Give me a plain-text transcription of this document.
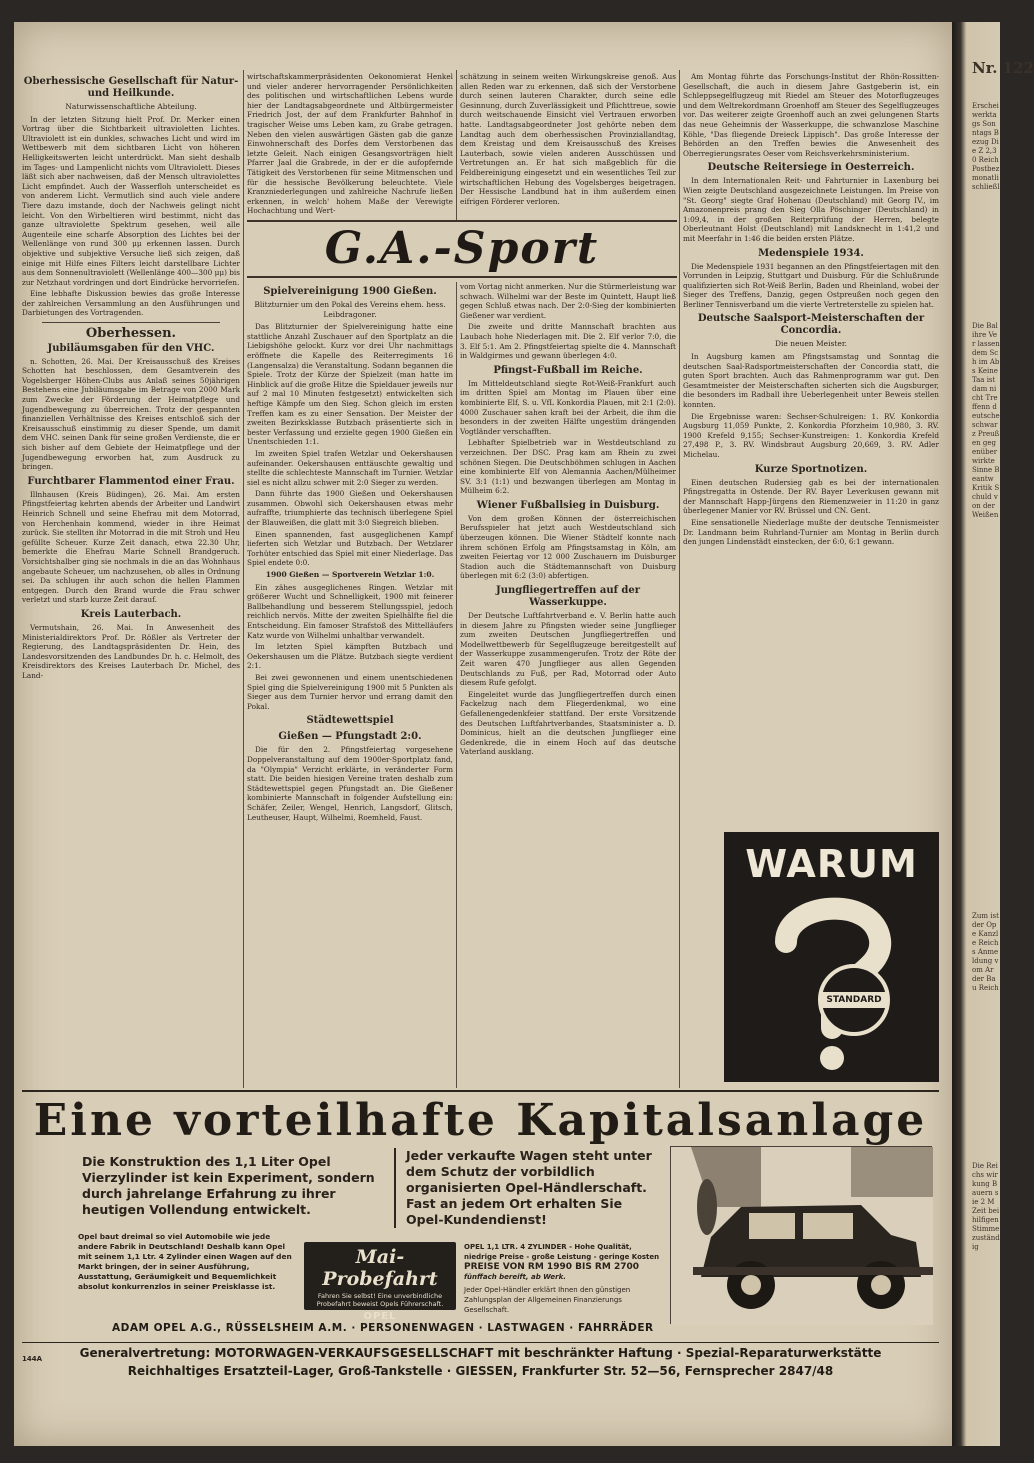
Nr. 122
Erschei werktags Sonntags Bezug Die Z 2,30 Reich Postbez monatli schließl
Die Bal ihre Ver lassen dem Sch im Abs Keine Taa ist dam nicht Treffenn deutsche schwarz Preußen gegenüber wirkte Sinne Beantw Kritik Schuld von der Weißen
Zum ist der Ope Kanzle Reichs Anmeldung vom Ar der Bau Reich
Die Reichs wirkung Bauern sie 2 M Zeit bei hilfigen Stimme zuständig
Oberhessische Gesellschaft für Natur- und Heilkunde.
Naturwissenschaftliche Abteilung.

In der letzten Sitzung hielt Prof. Dr. Merker einen Vortrag über die Sichtbarkeit ultravioletten Lichtes. Ultraviolett ist ein dunkles, schwaches Licht und wird im Wettbewerb mit dem sichtbaren Licht von höheren Helligkeitswerten leicht unterdrückt. Man sieht deshalb im Tages- und Lampenlicht nichts vom Ultraviolett. Dieses läßt sich aber nachweisen, daß der Mensch ultraviolettes Licht empfindet. Auch der Wasserfloh unterscheidet es von anderem Licht. Vermutlich sind auch viele andere Tiere dazu imstande, doch der Nachweis gelingt nicht leicht. Von den Wirbeltieren wird bestimmt, nicht das ganze ultraviolette Spektrum gesehen, weil alle Augenteile eine scharfe Absorption des Lichtes bei der Wellenlänge von rund 300 μμ erkennen lassen. Durch objektive und subjektive Versuche ließ sich zeigen, daß einige mit Hilfe eines Filters leicht darstellbare Lichter aus dem Sonnenultraviolett (Wellenlänge 400—300 μμ) bis zur Netzhaut vordringen und dort Eindrücke hervorriefen.

Eine lebhafte Diskussion bewies das große Interesse der zahlreichen Versammlung an den Ausführungen und Darbietungen des Vortragenden.

Oberhessen.
Jubiläumsgaben für den VHC.

n. Schotten, 26. Mai. Der Kreisausschuß des Kreises Schotten hat beschlossen, dem Gesamtverein des Vogelsberger Höhen-Clubs aus Anlaß seines 50jährigen Bestehens eine Jubiläumsgabe im Betrage von 2000 Mark zum Zwecke der Förderung der Heimatpflege und Jugendbewegung zu überreichen. Trotz der gespannten finanziellen Verhältnisse des Kreises entschloß sich der Kreisausschuß einstimmig zu dieser Spende, um damit dem VHC. seinen Dank für seine großen Verdienste, die er sich bisher auf dem Gebiete der Heimatpflege und der Jugendbewegung erworben hat, zum Ausdruck zu bringen.

Furchtbarer Flammentod einer Frau.

Illnhausen (Kreis Büdingen), 26. Mai. Am ersten Pfingstfeiertag kehrten abends der Arbeiter und Landwirt Heinrich Schnell und seine Ehefrau mit dem Motorrad, von Herchenhain kommend, wieder in ihre Heimat zurück. Sie stellten ihr Motorrad in die mit Stroh und Heu gefüllte Scheuer. Kurze Zeit danach, etwa 22.30 Uhr, bemerkte die Ehefrau Marie Schnell Brandgeruch. Vorsichtshalber ging sie nochmals in die an das Wohnhaus angebaute Scheuer, um nachzusehen, ob alles in Ordnung sei. Da schlugen ihr auch schon die hellen Flammen entgegen. Durch den Brand wurde die Frau schwer verletzt und starb kurze Zeit darauf.

Kreis Lauterbach.

Vermutshain, 26. Mai. In Anwesenheit des Ministerialdirektors Prof. Dr. Rößler als Vertreter der Regierung, des Landtagspräsidenten Dr. Hein, des Landesvorsitzenden des Landbundes Dr. h. c. Helmolt, des Kreisdirektors des Kreises Lauterbach Dr. Michel, des Land-

wirtschaftskammerpräsidenten Oekonomierat Henkel und vieler anderer hervorragender Persönlichkeiten des politischen und wirtschaftlichen Lebens wurde hier der Landtagsabgeordnete und Altbürgermeister Friedrich Jost, der auf dem Frankfurter Bahnhof in tragischer Weise ums Leben kam, zu Grabe getragen. Neben den vielen auswärtigen Gästen gab die ganze Einwohnerschaft des Dorfes dem Verstorbenen das letzte Geleit. Nach einigen Gesangsvorträgen hielt Pfarrer Jaal die Grabrede, in der er die aufopfernde Tätigkeit des Verstorbenen für seine Mitmenschen und für die hessische Bevölkerung beleuchtete. Viele Kranzniederlegungen und zahlreiche Nachrufe ließen erkennen, in welch' hohem Maße der Verewigte Hochachtung und Wert-

schätzung in seinem weiten Wirkungskreise genoß. Aus allen Reden war zu erkennen, daß sich der Verstorbene durch seinen lauteren Charakter, durch seine edle Gesinnung, durch Zuverlässigkeit und Pflichttreue, sowie durch weitschauende Einsicht viel Vertrauen erworben hatte. Landtagsabgeordneter Jost gehörte neben dem Landtag auch dem oberhessischen Provinziallandtag, dem Kreistag und dem Kreisausschuß des Kreises Lauterbach, sowie vielen anderen Ausschüssen und Vertretungen an. Er hat sich maßgeblich für die Feldbereinigung eingesetzt und ein wesentliches Teil zur wirtschaftlichen Hebung des Vogelsberges beigetragen. Der Hessische Landbund hat in ihm außerdem einen eifrigen Förderer verloren.

G.A.-Sport
Spielvereinigung 1900 Gießen.
Blitzturnier um den Pokal des Vereins ehem. hess. Leibdragoner.

Das Blitzturnier der Spielvereinigung hatte eine stattliche Anzahl Zuschauer auf den Sportplatz an die Liebigshöhe gelockt. Kurz vor drei Uhr nachmittags eröffnete die Kapelle des Reiterregiments 16 (Langensalza) die Veranstaltung. Sodann begannen die Spiele. Trotz der Kürze der Spielzeit (man hatte im Hinblick auf die große Hitze die Spieldauer jeweils nur auf 2 mal 10 Minuten festgesetzt) entwickelten sich heftige Kämpfe um den Sieg. Schon gleich im ersten Treffen kam es zu einer Sensation. Der Meister der zweiten Bezirksklasse Butzbach präsentierte sich in bester Verfassung und erzielte gegen 1900 Gießen ein Unentschieden 1:1.

Im zweiten Spiel trafen Wetzlar und Oekershausen aufeinander. Oekershausen enttäuschte gewaltig und stellte die schlechteste Mannschaft im Turnier. Wetzlar siel es nicht allzu schwer mit 2:0 Sieger zu werden.

Dann führte das 1900 Gießen und Oekershausen zusammen. Obwohl sich Oekershausen etwas mehr aufraffte, triumphierte das technisch überlegene Spiel der Blauweißen, die glatt mit 3:0 Siegreich blieben.

Einen spannenden, fast ausgeglichenen Kampf lieferten sich Wetzlar und Butzbach. Der Wetzlarer Torhüter entschied das Spiel mit einer Niederlage. Das Spiel endete 0:0.

1900 Gießen — Sportverein Wetzlar 1:0.

Ein zähes ausgeglichenes Ringen. Wetzlar mit größerer Wucht und Schnelligkeit, 1900 mit feinerer Ballbehandlung und besserem Stellungsspiel, jedoch reichlich nervös. Mitte der zweiten Spielhälfte fiel die Entscheidung. Ein famoser Strafstoß des Mittelläufers Katz wurde von Wilhelmi unhaltbar verwandelt.

Im letzten Spiel kämpften Butzbach und Oekershausen um die Plätze. Butzbach siegte verdient 2:1.

Bei zwei gewonnenen und einem unentschiedenen Spiel ging die Spielvereinigung 1900 mit 5 Punkten als Sieger aus dem Turnier hervor und errang damit den Pokal.

Städtewettspiel
Gießen — Pfungstadt 2:0.

Die für den 2. Pfingstfeiertag vorgesehene Doppelveranstaltung auf dem 1900er-Sportplatz fand, da "Olympia" Verzicht erklärte, in veränderter Form statt. Die beiden hiesigen Vereine traten deshalb zum Städtewettspiel gegen Pfungstadt an. Die Gießener kombinierte Mannschaft in folgender Aufstellung ein: Schäfer, Zeiler, Wengel, Henrich, Langsdorf, Glitsch, Leutheuser, Haupt, Wilhelmi, Roemheld, Faust.

vom Vortag nicht anmerken. Nur die Stürmerleistung war schwach. Wilhelmi war der Beste im Quintett, Haupt ließ gegen Schluß etwas nach. Der 2:0-Sieg der kombinierten Gießener war verdient.

Die zweite und dritte Mannschaft brachten aus Laubach hohe Niederlagen mit. Die 2. Elf verlor 7:0, die 3. Elf 5:1. Am 2. Pfingstfeiertag spielte die 4. Mannschaft in Waldgirmes und gewann überlegen 4:0.

Pfingst-Fußball im Reiche.

Im Mitteldeutschland siegte Rot-Weiß-Frankfurt auch im dritten Spiel am Montag im Plauen über eine kombinierte Elf, S. u. VfL Konkordia Plauen, mit 2:1 (2:0). 4000 Zuschauer sahen kraft bei der Arbeit, die ihm die besonders in der zweiten Hälfte ungestüm drängenden Vogtländer verschafften.

Lebhafter Spielbetrieb war in Westdeutschland zu verzeichnen. Der DSC. Prag kam am Rhein zu zwei schönen Siegen. Die Deutschböhmen schlugen in Aachen eine kombinierte Elf von Alemannia Aachen/Mülheimer SV. 3:1 (1:1) und bezwangen überlegen am Montag in Mülheim 6:2.

Wiener Fußballsieg in Duisburg.

Von dem großen Können der österreichischen Berufsspieler hat jetzt auch Westdeutschland sich überzeugen können. Die Wiener Städtelf konnte nach ihrem schönen Erfolg am Pfingstsamstag in Köln, am zweiten Feiertag vor 12 000 Zuschauern im Duisburger Stadion auch die Städtemannschaft von Duisburg überlegen mit 6:2 (3:0) abfertigen.

Jungfliegertreffen auf der Wasserkuppe.

Der Deutsche Luftfahrtverband e. V. Berlin hatte auch in diesem Jahre zu Pfingsten wieder seine Jungflieger zum zweiten Deutschen Jungfliegertreffen und Modellwettbewerb für Segelflugzeuge bereitgestellt auf der Wasserkuppe zusammengerufen. Trotz der Röte der Zeit waren 470 Jungflieger aus allen Gegenden Deutschlands zu Fuß, per Rad, Motorrad oder Auto diesem Rufe gefolgt.

Eingeleitet wurde das Jungfliegertreffen durch einen Fackelzug nach dem Fliegerdenkmal, wo eine Gefallenengedenkfeier stattfand. Der erste Vorsitzende des Deutschen Luftfahrtverbandes, Staatsminister a. D. Dominicus, hielt an die deutschen Jungflieger eine Gedenkrede, die in einem Hoch auf das deutsche Vaterland ausklang.

Am Montag führte das Forschungs-Institut der Rhön-Rossitten-Gesellschaft, die auch in diesem Jahre Gastgeberin ist, ein Schleppsegelflugzeug mit Riedel am Steuer des Motorflugzeuges und dem Weltrekordmann Groenhoff am Steuer des Segelflugzeuges vor. Das weiterer zeigte Groenhoff auch an zwei gelungenen Starts das neue Geheimnis der Wasserkuppe, die schwanzlose Maschine Köhle, "Das fliegende Dreieck Lippisch". Das große Interesse der Behörden an den Treffen bewies die Anwesenheit des Oberregierungsrates Oeser vom Reichsverkehrsministerium.

Deutsche Reitersiege in Oesterreich.

In dem Internationalen Reit- und Fahrturnier in Laxenburg bei Wien zeigte Deutschland ausgezeichnete Leistungen. Im Preise von "St. Georg" siegte Graf Hohenau (Deutschland) mit Georg IV., im Amazonenpreis prang den Sieg Olla Pöschinger (Deutschland) in 1:09,4, in der großen Reiterprüfung der Herren, belegte Oberleutnant Holst (Deutschland) mit Landsknecht in 1:41,2 und mit Meerfahr in 1:46 die beiden ersten Plätze.

Medenspiele 1934.

Die Medenspiele 1931 begannen an den Pfingstfeiertagen mit den Vorrunden in Leipzig, Stuttgart und Duisburg. Für die Schlußrunde qualifizierten sich Rot-Weiß Berlin, Baden und Rheinland, wobei der Sieger des Treffens, Danzig, gegen Ostpreußen noch gegen den Berliner Tennisverband um die vierte Vertreterstelle zu spielen hat.

Deutsche Saalsport-Meisterschaften der Concordia.
Die neuen Meister.

In Augsburg kamen am Pfingstsamstag und Sonntag die deutschen Saal-Radsportmeisterschaften der Concordia statt, die guten Sport brachten. Auch das Rahmenprogramm war gut. Den Gesamtmeister der Meisterschaften sicherten sich die Augsburger, die besonders im Radball ihre Ueberlegenheit unter Beweis stellen konnten.

Die Ergebnisse waren: Sechser-Schulreigen: 1. RV. Konkordia Augsburg 11,059 Punkte, 2. Konkordia Pforzheim 10,980, 3. RV. 1900 Krefeld 9,155; Sechser-Kunstreigen: 1. Konkordia Krefeld 27,498 P., 3. RV. Windsbraut Augsburg 20,669, 3. RV. Adler Michelau.

Kurze Sportnotizen.

Einen deutschen Rudersieg gab es bei der internationalen Pfingstregatta in Ostende. Der RV. Bayer Leverkusen gewann mit der Mannschaft Happ-Jürgens den Riemenzweier in 11:20 in ganz überlegener Manier vor RV. Brüssel und CN. Gent.

Eine sensationelle Niederlage mußte der deutsche Tennismeister Dr. Landmann beim Ruhrland-Turnier am Montag in Berlin durch den jungen Lindenstädt einstecken, der 6:0, 6:1 gewann.

WARUM
STANDARD
Eine vorteilhafte Kapitalsanlage
Die Konstruktion des 1,1 Liter Opel Vierzylinder ist kein Experiment, sondern durch jahrelange Erfahrung zu ihrer heutigen Vollendung entwickelt.
Jeder verkaufte Wagen steht unter dem Schutz der vorbildlich organisierten Opel-Händlerschaft. Fast an jedem Ort erhalten Sie Opel-Kundendienst!
Opel baut dreimal so viel Automobile wie jede andere Fabrik in Deutschland! Deshalb kann Opel mit seinem 1,1 Ltr. 4 Zylinder einen Wagen auf den Markt bringen, der in seiner Ausführung, Ausstattung, Geräumigkeit und Bequemlichkeit absolut konkurrenzlos in seiner Preisklasse ist.
Mai-Probefahrt
Fahren Sie selbst! Eine unverbindliche Probefahrt beweist Opels Führerschaft.
OPEL
OPEL 1,1 LTR. 4 ZYLINDER - Hohe Qualität, niedrige Preise - große Leistung - geringe Kosten
PREISE VON RM 1990 BIS RM 2700
fünffach bereift, ab Werk.
Jeder Opel-Händler erklärt Ihnen den günstigen Zahlungsplan der Allgemeinen Finanzierungs Gesellschaft.
ADAM OPEL A.G., RÜSSELSHEIM A.M. · PERSONENWAGEN · LASTWAGEN · FAHRRÄDER
Generalvertretung: MOTORWAGEN-VERKAUFSGESELLSCHAFT mit beschränkter Haftung · Spezial-Reparaturwerkstätte
Reichhaltiges Ersatzteil-Lager, Groß-Tankstelle · GIESSEN, Frankfurter Str. 52—56, Fernsprecher 2847/48
144A
